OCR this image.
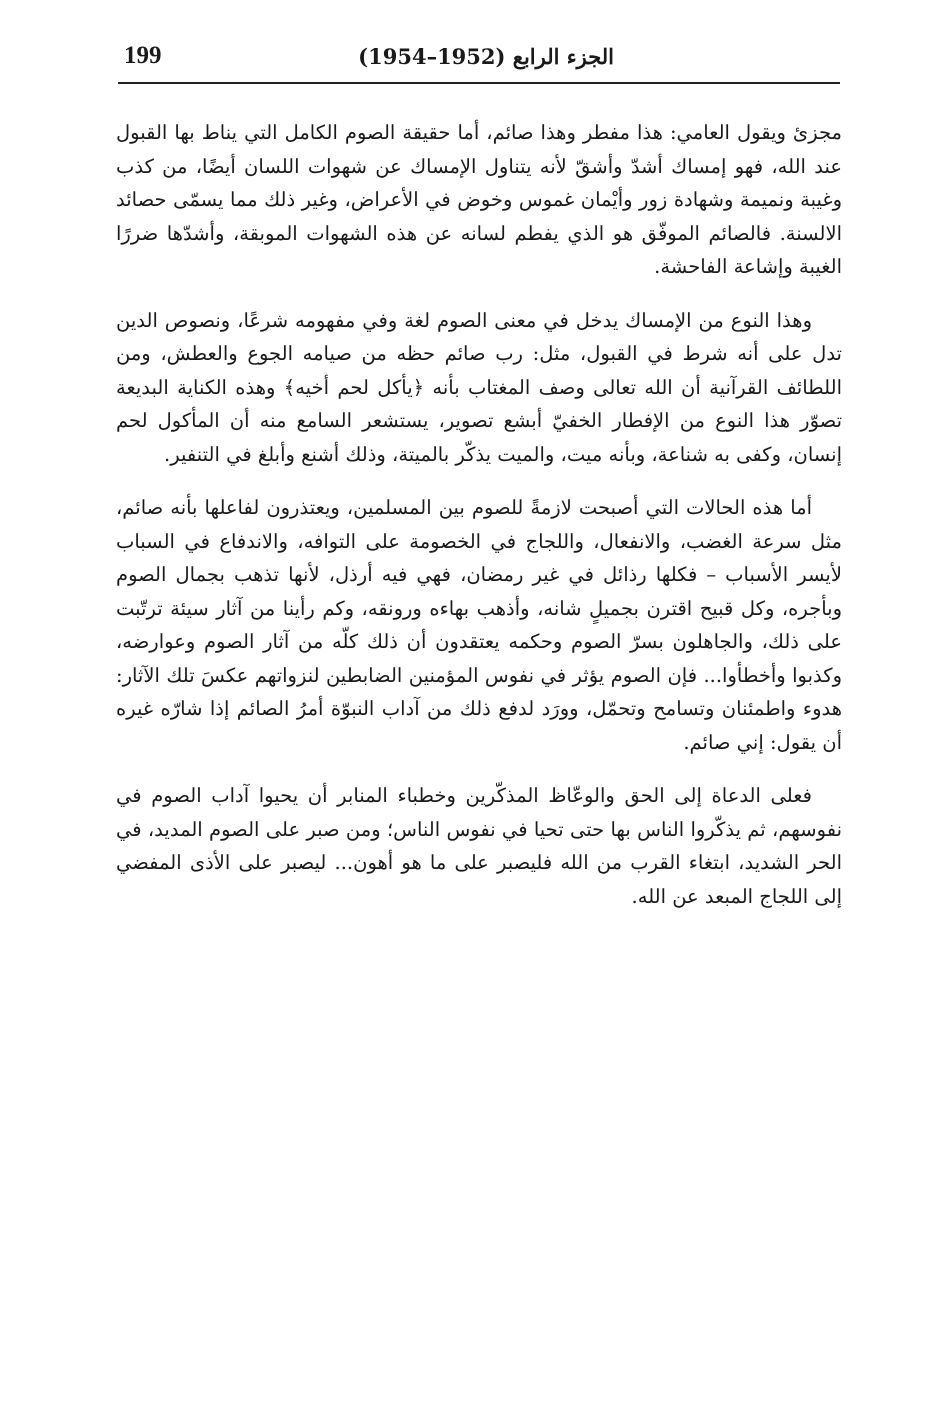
199	الجزء الرابع (1952–1954)

مجزئ ويقول العامي: هذا مفطر وهذا صائم، أما حقيقة الصوم الكامل التي يناط بها القبول عند الله، فهو إمساك أشدّ وأشقّ لأنه يتناول الإمساك عن شهوات اللسان أيضًا، من كذب وغيبة ونميمة وشهادة زور وأيْمان غموس وخوض في الأعراض، وغير ذلك مما يسمّى حصائد الالسنة. فالصائم الموفّق هو الذي يفطم لسانه عن هذه الشهوات الموبقة، وأشدّها ضررًا الغيبة وإشاعة الفاحشة.

وهذا النوع من الإمساك يدخل في معنى الصوم لغة وفي مفهومه شرعًا، ونصوص الدين تدل على أنه شرط في القبول، مثل: رب صائم حظه من صيامه الجوع والعطش، ومن اللطائف القرآنية أن الله تعالى وصف المغتاب بأنه ﴿يأكل لحم أخيه﴾ وهذه الكناية البديعة تصوّر هذا النوع من الإفطار الخفيّ أبشع تصوير، يستشعر السامع منه أن المأكول لحم إنسان، وكفى به شناعة، وبأنه ميت، والميت يذكّر بالميتة، وذلك أشنع وأبلغ في التنفير.

أما هذه الحالات التي أصبحت لازمةً للصوم بين المسلمين، ويعتذرون لفاعلها بأنه صائم، مثل سرعة الغضب، والانفعال، واللجاج في الخصومة على التوافه، والاندفاع في السباب لأيسر الأسباب – فكلها رذائل في غير رمضان، فهي فيه أرذل، لأنها تذهب بجمال الصوم وبأجره، وكل قبيح اقترن بجميلٍ شانه، وأذهب بهاءه ورونقه، وكم رأينا من آثار سيئة ترتّبت على ذلك، والجاهلون بسرّ الصوم وحكمه يعتقدون أن ذلك كلّه من آثار الصوم وعوارضه، وكذبوا وأخطأوا... فإن الصوم يؤثر في نفوس المؤمنين الضابطين لنزواتهم عكسَ تلك الآثار: هدوء واطمئنان وتسامح وتحمّل، وورَد لدفع ذلك من آداب النبوّة أمرُ الصائم إذا شارّه غيره أن يقول: إني صائم.

فعلى الدعاة إلى الحق والوعّاظ المذكّرين وخطباء المنابر أن يحيوا آداب الصوم في نفوسهم، ثم يذكّروا الناس بها حتى تحيا في نفوس الناس؛ ومن صبر على الصوم المديد، في الحر الشديد، ابتغاء القرب من الله فليصبر على ما هو أهون... ليصبر على الأذى المفضي إلى اللجاج المبعد عن الله.
